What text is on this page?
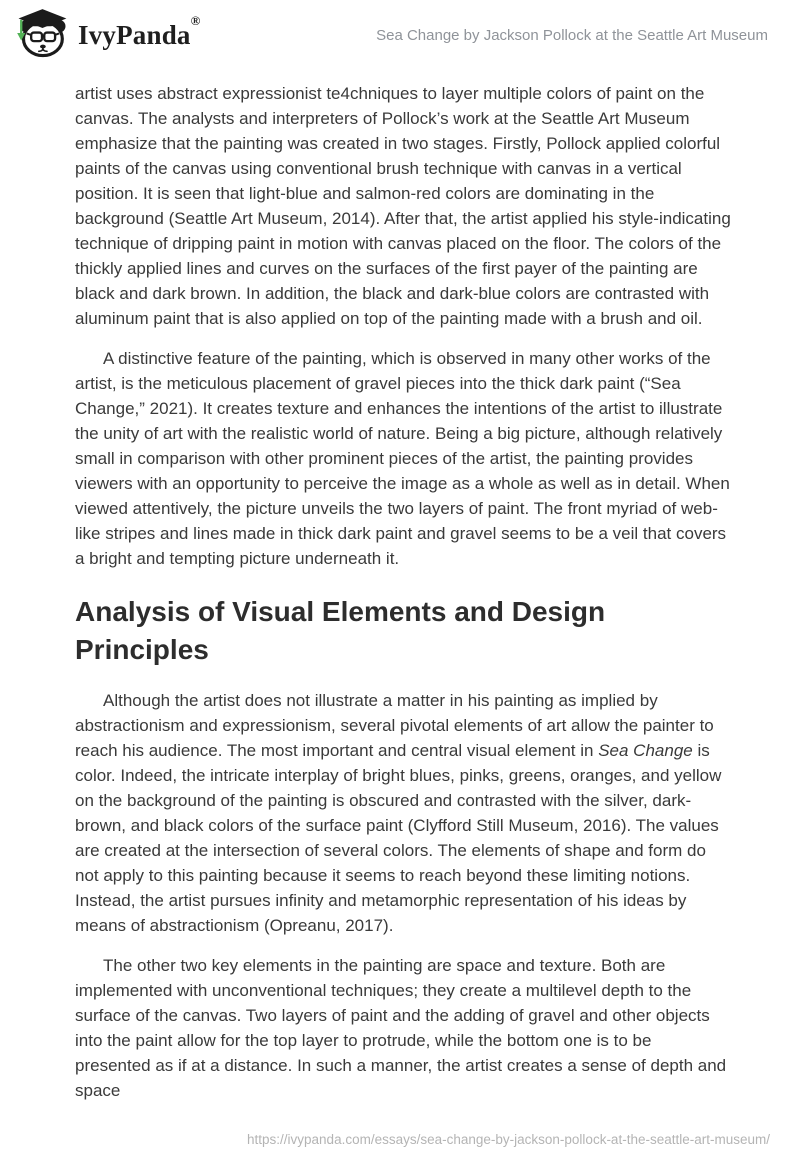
IvyPanda®
Sea Change by Jackson Pollock at the Seattle Art Museum

artist uses abstract expressionist te4chniques to layer multiple colors of paint on the canvas. The analysts and interpreters of Pollock’s work at the Seattle Art Museum emphasize that the painting was created in two stages. Firstly, Pollock applied colorful paints of the canvas using conventional brush technique with canvas in a vertical position. It is seen that light-blue and salmon-red colors are dominating in the background (Seattle Art Museum, 2014). After that, the artist applied his style-indicating technique of dripping paint in motion with canvas placed on the floor. The colors of the thickly applied lines and curves on the surfaces of the first payer of the painting are black and dark brown. In addition, the black and dark-blue colors are contrasted with aluminum paint that is also applied on top of the painting made with a brush and oil.

A distinctive feature of the painting, which is observed in many other works of the artist, is the meticulous placement of gravel pieces into the thick dark paint (“Sea Change,” 2021). It creates texture and enhances the intentions of the artist to illustrate the unity of art with the realistic world of nature. Being a big picture, although relatively small in comparison with other prominent pieces of the artist, the painting provides viewers with an opportunity to perceive the image as a whole as well as in detail. When viewed attentively, the picture unveils the two layers of paint. The front myriad of web-like stripes and lines made in thick dark paint and gravel seems to be a veil that covers a bright and tempting picture underneath it.

Analysis of Visual Elements and Design Principles

Although the artist does not illustrate a matter in his painting as implied by abstractionism and expressionism, several pivotal elements of art allow the painter to reach his audience. The most important and central visual element in Sea Change is color. Indeed, the intricate interplay of bright blues, pinks, greens, oranges, and yellow on the background of the painting is obscured and contrasted with the silver, dark-brown, and black colors of the surface paint (Clyfford Still Museum, 2016). The values are created at the intersection of several colors. The elements of shape and form do not apply to this painting because it seems to reach beyond these limiting notions. Instead, the artist pursues infinity and metamorphic representation of his ideas by means of abstractionism (Opreanu, 2017).

The other two key elements in the painting are space and texture. Both are implemented with unconventional techniques; they create a multilevel depth to the surface of the canvas. Two layers of paint and the adding of gravel and other objects into the paint allow for the top layer to protrude, while the bottom one is to be presented as if at a distance. In such a manner, the artist creates a sense of depth and space

https://ivypanda.com/essays/sea-change-by-jackson-pollock-at-the-seattle-art-museum/
